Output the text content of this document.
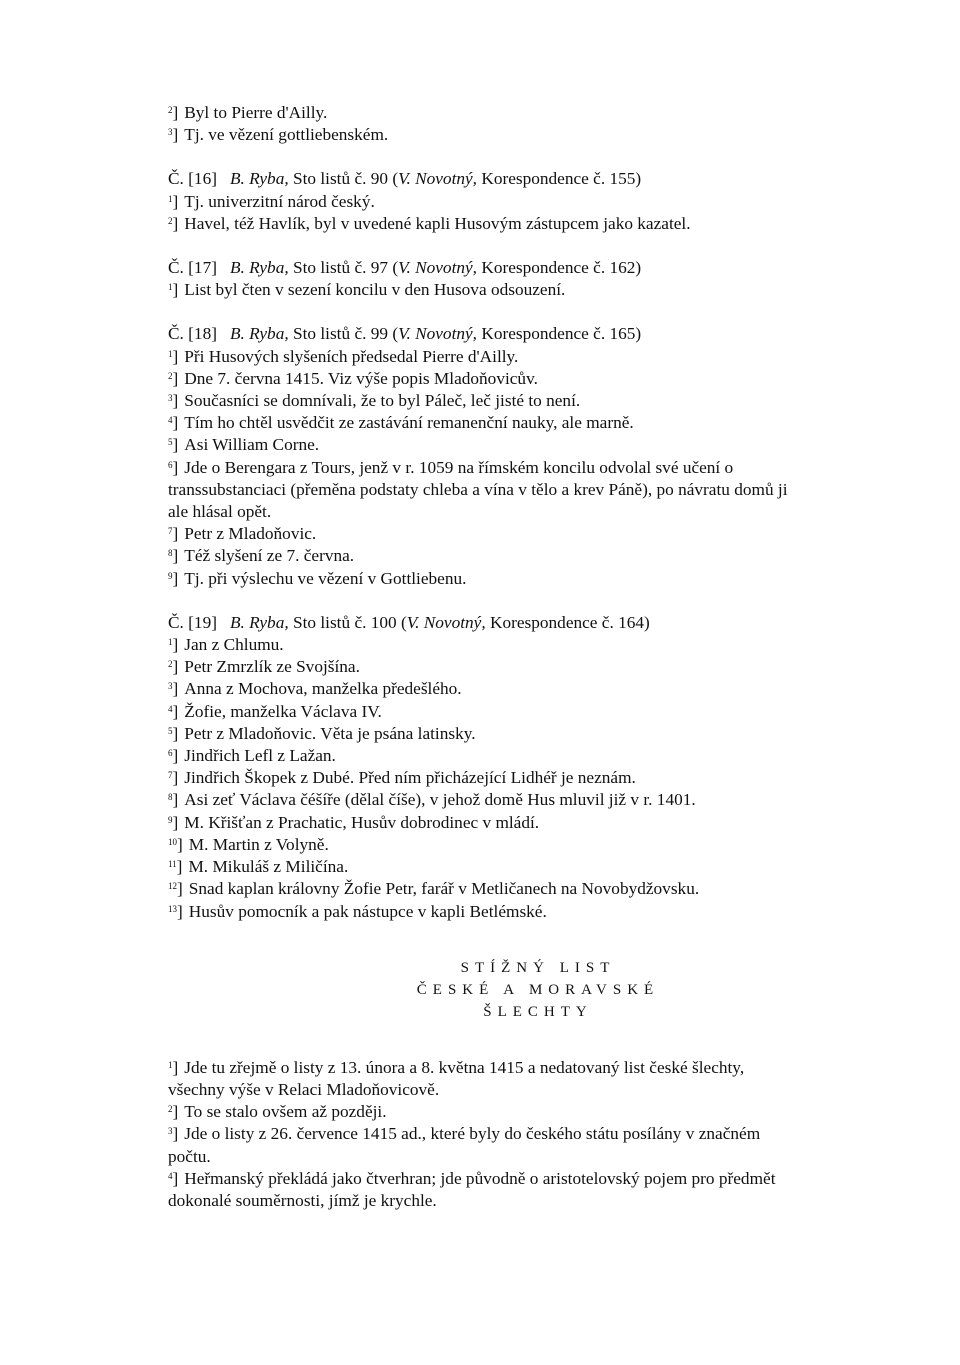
$^2$] Byl to Pierre d'Ailly.
$^3$] Tj. ve vězení gottliebenském.
Č. [16] B. Ryba, Sto listů č. 90 (V. Novotný, Korespondence č. 155)
$^1$] Tj. univerzitní národ český.
$^2$] Havel, též Havlík, byl v uvedené kapli Husovým zástupcem jako kazatel.
Č. [17] B. Ryba, Sto listů č. 97 (V. Novotný, Korespondence č. 162)
$^1$] List byl čten v sezení koncilu v den Husova odsouzení.
Č. [18] B. Ryba, Sto listů č. 99 (V. Novotný, Korespondence č. 165)
$^1$] Při Husových slyšeních předsedal Pierre d'Ailly.
$^2$] Dne 7. června 1415. Viz výše popis Mladoňovicův.
$^3$] Současníci se domnívali, že to byl Páleč, leč jisté to není.
$^4$] Tím ho chtěl usvědčit ze zastávání remanenční nauky, ale marně.
$^5$] Asi William Corne.
$^6$] Jde o Berengara z Tours, jenž v r. 1059 na římském koncilu odvolal své učení o transsubstanciaci (přeměna podstaty chleba a vína v tělo a krev Páně), po návratu domů ji ale hlásal opět.
$^7$] Petr z Mladoňovic.
$^8$] Též slyšení ze 7. června.
$^9$] Tj. při výslechu ve vězení v Gottliebenu.
Č. [19] B. Ryba, Sto listů č. 100 (V. Novotný, Korespondence č. 164)
$^1$] Jan z Chlumu.
$^2$] Petr Zmrzlík ze Svojšína.
$^3$] Anna z Mochova, manželka předešlého.
$^4$] Žofie, manželka Václava IV.
$^5$] Petr z Mladoňovic. Věta je psána latinsky.
$^6$] Jindřich Lefl z Lažan.
$^7$] Jindřich Škopek z Dubé. Před ním přicházející Lidhéř je neznám.
$^8$] Asi zeť Václava čéšíře (dělal číše), v jehož domě Hus mluvil již v r. 1401.
$^9$] M. Křišťan z Prachatic, Husův dobrodinec v mládí.
$^{10}$] M. Martin z Volyně.
$^{11}$] M. Mikuláš z Miličína.
$^{12}$] Snad kaplan královny Žofie Petr, farář v Metličanech na Novobydžovsku.
$^{13}$] Husův pomocník a pak nástupce v kapli Betlémské.
STÍŽNÝ LIST
ČESKÉ A MORAVSKÉ
ŠLECHTY
$^1$] Jde tu zřejmě o listy z 13. února a 8. května 1415 a nedatovaný list české šlechty, všechny výše v Relaci Mladoňovicově.
$^2$] To se stalo ovšem až později.
$^3$] Jde o listy z 26. července 1415 ad., které byly do českého státu posílány v značném počtu.
$^4$] Heřmanský překládá jako čtverhran; jde původně o aristotelovský pojem pro předmět dokonalé souměrnosti, jímž je krychle.
